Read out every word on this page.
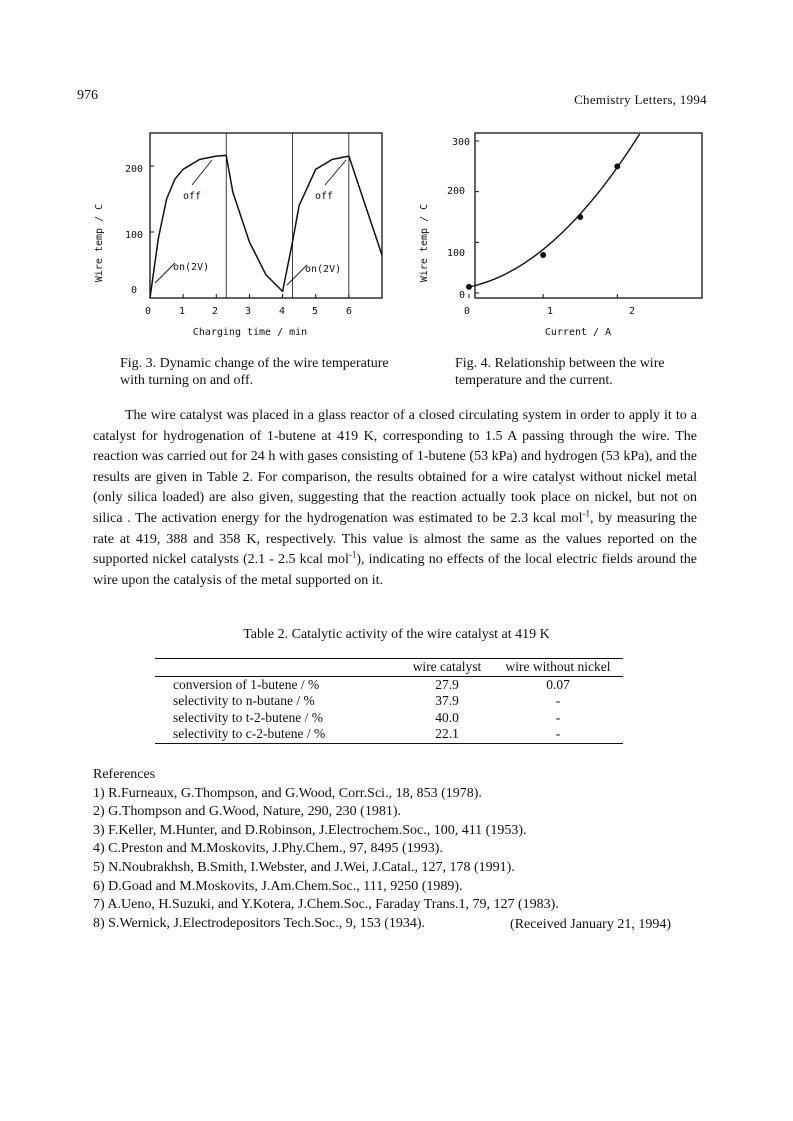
976	Chemistry Letters, 1994
Wire temp / C
Charging time / min
0
100
200
0	1	2	3	4	5	6
off	off
on(2V)	on(2V)	Wire temp / C
Current / A
0
100
200
300
0	1	2
Fig. 3. Dynamic change of the wire temperature with turning on and off.
Fig. 4. Relationship between the wire temperature and the current.

The wire catalyst was placed in a glass reactor of a closed circulating system in order to apply it to a catalyst for hydrogenation of 1-butene at 419 K, corresponding to 1.5 A passing through the wire. The reaction was carried out for 24 h with gases consisting of 1-butene (53 kPa) and hydrogen (53 kPa), and the results are given in Table 2. For comparison, the results obtained for a wire catalyst without nickel metal (only silica loaded) are also given, suggesting that the reaction actually took place on nickel, but not on silica . The activation energy for the hydrogenation was estimated to be 2.3 kcal mol$^{-1}$, by measuring the rate at 419, 388 and 358 K, respectively. This value is almost the same as the values reported on the supported nickel catalysts (2.1 - 2.5 kcal mol$^{-1}$), indicating no effects of the local electric fields around the wire upon the catalysis of the metal supported on it.

Table 2. Catalytic activity of the wire catalyst at 419 K
	wire catalyst	wire without nickel
conversion of 1-butene / %	27.9	0.07
selectivity to n-butane / %	37.9	-
selectivity to t-2-butene / %	40.0	-
selectivity to c-2-butene / %	22.1	-
References
1) R.Furneaux, G.Thompson, and G.Wood, Corr.Sci., 18, 853 (1978).
2) G.Thompson and G.Wood, Nature, 290, 230 (1981).
3) F.Keller, M.Hunter, and D.Robinson, J.Electrochem.Soc., 100, 411 (1953).
4) C.Preston and M.Moskovits, J.Phy.Chem., 97, 8495 (1993).
5) N.Noubrakhsh, B.Smith, I.Webster, and J.Wei, J.Catal., 127, 178 (1991).
6) D.Goad and M.Moskovits, J.Am.Chem.Soc., 111, 9250 (1989).
7) A.Ueno, H.Suzuki, and Y.Kotera, J.Chem.Soc., Faraday Trans.1, 79, 127 (1983).
8) S.Wernick, J.Electrodepositors Tech.Soc., 9, 153 (1934).	(Received January 21, 1994)
